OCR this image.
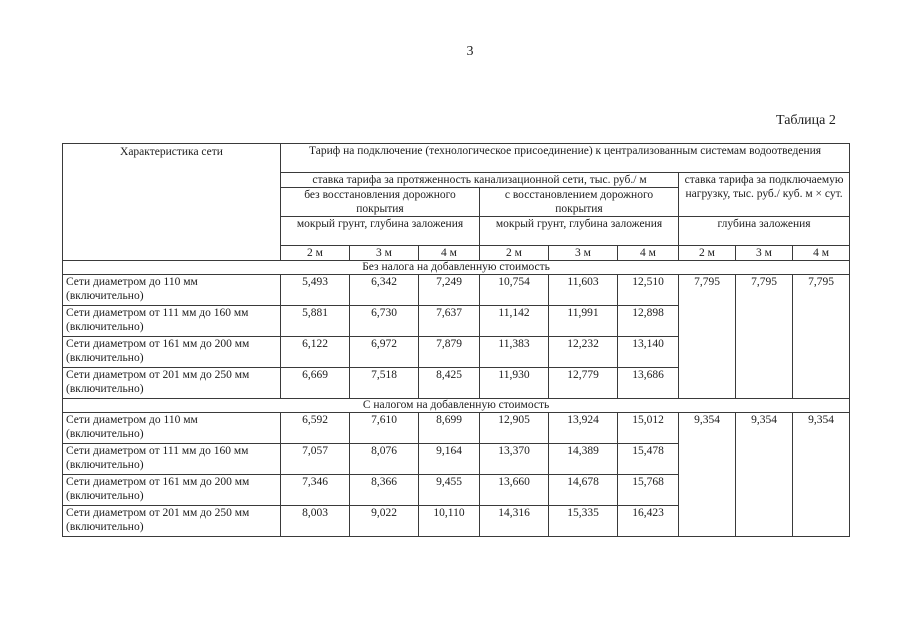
3
Таблица 2
Характеристика сети	Тариф на подключение (технологическое присоединение) к централизованным системам водоотведения								
	ставка тарифа за протяженность канализационной сети, тыс. руб./ м						ставка тарифа за подключаемую нагрузку, тыс. руб./ куб. м × сут.		
	без восстановления дорожного покрытия			с восстановлением дорожного покрытия					
	мокрый грунт, глубина заложения			мокрый грунт, глубина заложения			глубина заложения		
	2 м	3 м	4 м	2 м	3 м	4 м	2 м	3 м	4 м
Без налога на добавленную стоимость									
Сети диаметром до 110 мм (включительно)	5,493	6,342	7,249	10,754	11,603	12,510	7,795	7,795	7,795
Сети диаметром от 111 мм до 160 мм (включительно)	5,881	6,730	7,637	11,142	11,991	12,898			
Сети диаметром от 161 мм до 200 мм (включительно)	6,122	6,972	7,879	11,383	12,232	13,140			
Сети диаметром от 201 мм до 250 мм (включительно)	6,669	7,518	8,425	11,930	12,779	13,686			
С налогом на добавленную стоимость									
Сети диаметром до 110 мм (включительно)	6,592	7,610	8,699	12,905	13,924	15,012	9,354	9,354	9,354
Сети диаметром от 111 мм до 160 мм (включительно)	7,057	8,076	9,164	13,370	14,389	15,478			
Сети диаметром от 161 мм до 200 мм (включительно)	7,346	8,366	9,455	13,660	14,678	15,768			
Сети диаметром от 201 мм до 250 мм (включительно)	8,003	9,022	10,110	14,316	15,335	16,423			
